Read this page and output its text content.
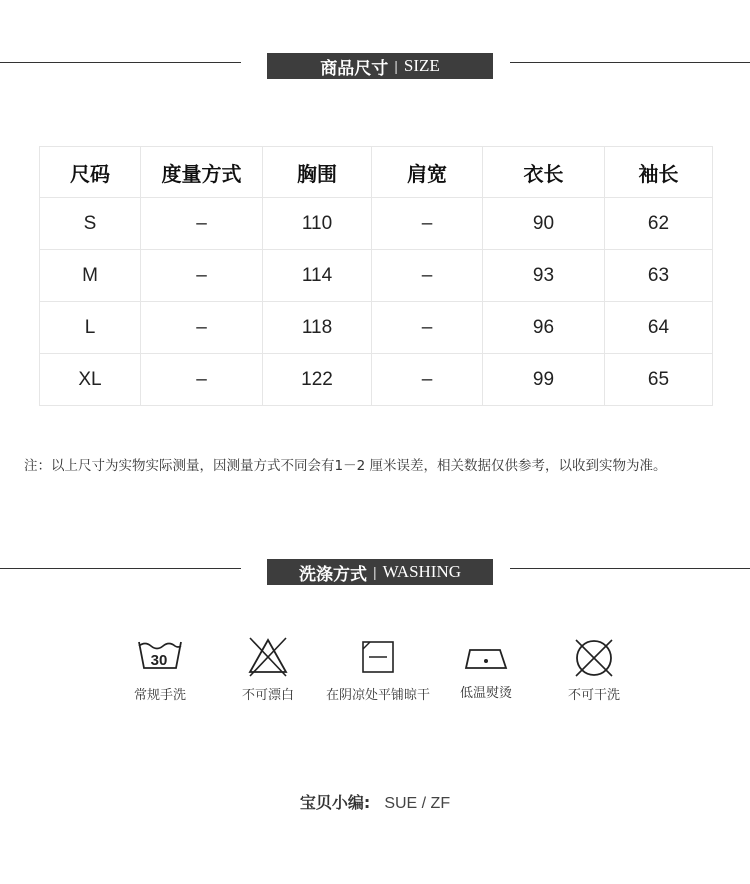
商品尺寸 | SIZE
尺码	度量方式	胸围	肩宽	衣长	袖长
S	–	110	–	90	62
M	–	114	–	93	63
L	–	118	–	96	64
XL	–	122	–	99	65
注：以上尺寸为实物实际测量，因测量方式不同会有1－2 厘米误差，相关数据仅供参考，以收到实物为准。
洗涤方式 | WASHING
30
常规手洗	不可漂白	在阴凉处平铺晾干	低温熨烫	不可干洗
宝贝小编: SUE / ZF
